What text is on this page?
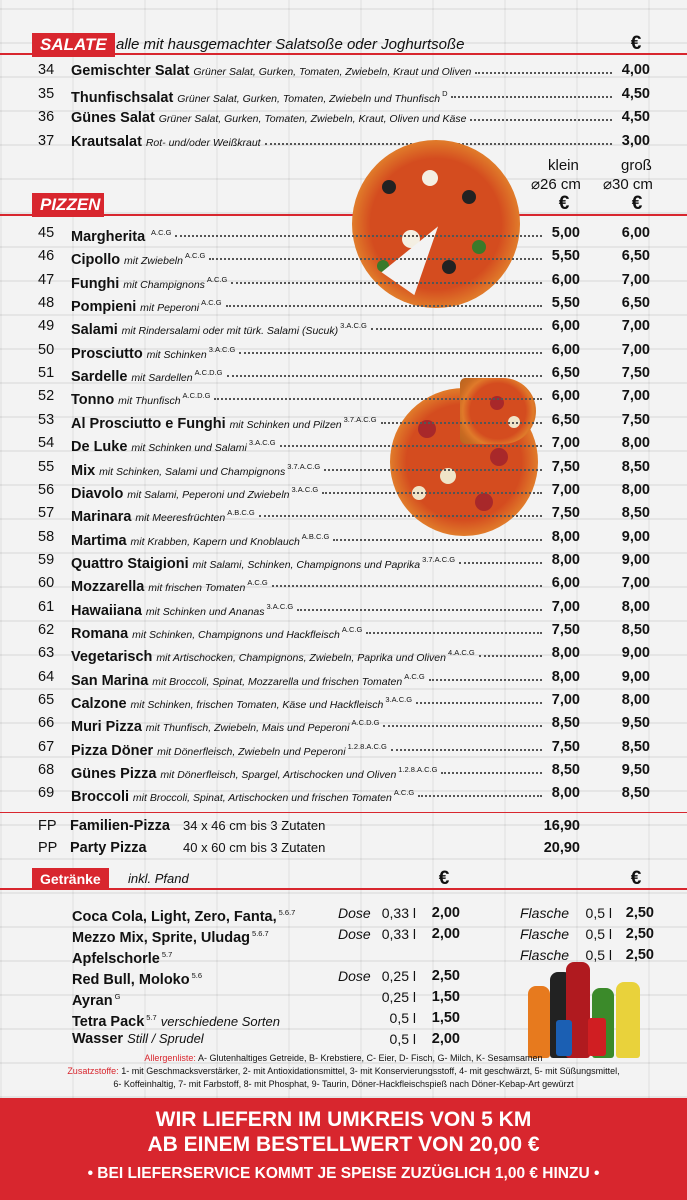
SALATE alle mit hausgemachter Salatsoße oder Joghurtsoße	€
34 Gemischter Salat Grüner Salat, Gurken, Tomaten, Zwiebeln, Kraut und Oliven	4,00
35 Thunfischsalat Grüner Salat, Gurken, Tomaten, Zwiebeln und Thunfisch $^D$	4,50
36 Günes Salat Grüner Salat, Gurken, Tomaten, Zwiebeln, Kraut, Oliven und Käse	4,50
37 Krautsalat Rot- und/oder Weißkraut	3,00
klein
⌀26 cm
groß
⌀30 cm
PIZZEN	€	€
45 Margherita $^{A.C.G}$	5,00	6,00
46 Cipollo mit Zwiebeln $^{A.C.G}$	5,50	6,50
47 Funghi mit Champignons $^{A.C.G}$	6,00	7,00
48 Pompieni mit Peperoni $^{A.C.G}$	5,50	6,50
49 Salami mit Rindersalami oder mit türk. Salami (Sucuk) $^{3.A.C.G}$	6,00	7,00
50 Prosciutto mit Schinken $^{3.A.C.G}$	6,00	7,00
51 Sardelle mit Sardellen $^{A.C.D.G}$	6,50	7,50
52 Tonno mit Thunfisch $^{A.C.D.G}$	6,00	7,00
53 Al Prosciutto e Funghi mit Schinken und Pilzen $^{3.7.A.C.G}$	6,50	7,50
54 De Luke mit Schinken und Salami $^{3.A.C.G}$	7,00	8,00
55 Mix mit Schinken, Salami und Champignons $^{3.7.A.C.G}$	7,50	8,50
56 Diavolo mit Salami, Peperoni und Zwiebeln $^{3.A.C.G}$	7,00	8,00
57 Marinara mit Meeresfrüchten $^{A.B.C.G}$	7,50	8,50
58 Martima mit Krabben, Kapern und Knoblauch $^{A.B.C.G}$	8,00	9,00
59 Quattro Staigioni mit Salami, Schinken, Champignons und Paprika $^{3.7.A.C.G}$	8,00	9,00
60 Mozzarella mit frischen Tomaten $^{A.C.G}$	6,00	7,00
61 Hawaiiana mit Schinken und Ananas $^{3.A.C.G}$	7,00	8,00
62 Romana mit Schinken, Champignons und Hackfleisch $^{A.C.G}$	7,50	8,50
63 Vegetarisch mit Artischocken, Champignons, Zwiebeln, Paprika und Oliven $^{4.A.C.G}$	8,00	9,00
64 San Marina mit Broccoli, Spinat, Mozzarella und frischen Tomaten $^{A.C.G}$	8,00	9,00
65 Calzone mit Schinken, frischen Tomaten, Käse und Hackfleisch $^{3.A.C.G}$	7,00	8,00
66 Muri Pizza mit Thunfisch, Zwiebeln, Mais und Peperoni $^{A.C.D.G}$	8,50	9,50
67 Pizza Döner mit Dönerfleisch, Zwiebeln und Peperoni $^{1.2.8.A.C.G}$	7,50	8,50
68 Günes Pizza mit Dönerfleisch, Spargel, Artischocken und Oliven $^{1.2.8.A.C.G}$	8,50	9,50
69 Broccoli mit Broccoli, Spinat, Artischocken und frischen Tomaten $^{A.C.G}$	8,00	8,50
FP Familien-Pizza 34 x 46 cm bis 3 Zutaten	16,90
PP Party Pizza	40 x 60 cm bis 3 Zutaten	20,90
Getränke	inkl. Pfand	€	€
Coca Cola, Light, Zero, Fanta, $^{5.6.7}$	Dose 0,33 l	2,00	Flasche	0,5 l 2,50
Mezzo Mix, Sprite, Uludag $^{5.6.7}$	Dose 0,33 l	2,00	Flasche	0,5 l 2,50
Apfelschorle $^{5.7}$	Flasche	0,5 l 2,50
Red Bull, Moloko $^{5.6}$	Dose 0,25 l	2,50
Ayran $^G$	0,25 l	1,50
Tetra Pack $^{5.7}$ verschiedene Sorten	0,5 l	1,50
Wasser Still / Sprudel	0,5 l	2,00
Allergenliste: A- Glutenhaltiges Getreide, B- Krebstiere, C- Eier, D- Fisch, G- Milch, K- Sesamsamen
Zusatzstoffe: 1- mit Geschmacksverstärker, 2- mit Antioxidationsmittel, 3- mit Konservierungsstoff, 4- mit geschwärzt, 5- mit Süßungsmittel,
6- Koffeinhaltig, 7- mit Farbstoff, 8- mit Phosphat, 9- Taurin, Döner-Hackfleischspieß nach Döner-Kebap-Art gewürzt
WIR LIEFERN IM UMKREIS VON 5 KM
AB EINEM BESTELLWERT VON 20,00 €
• BEI LIEFERSERVICE KOMMT JE SPEISE ZUZÜGLICH 1,00 € HINZU •
